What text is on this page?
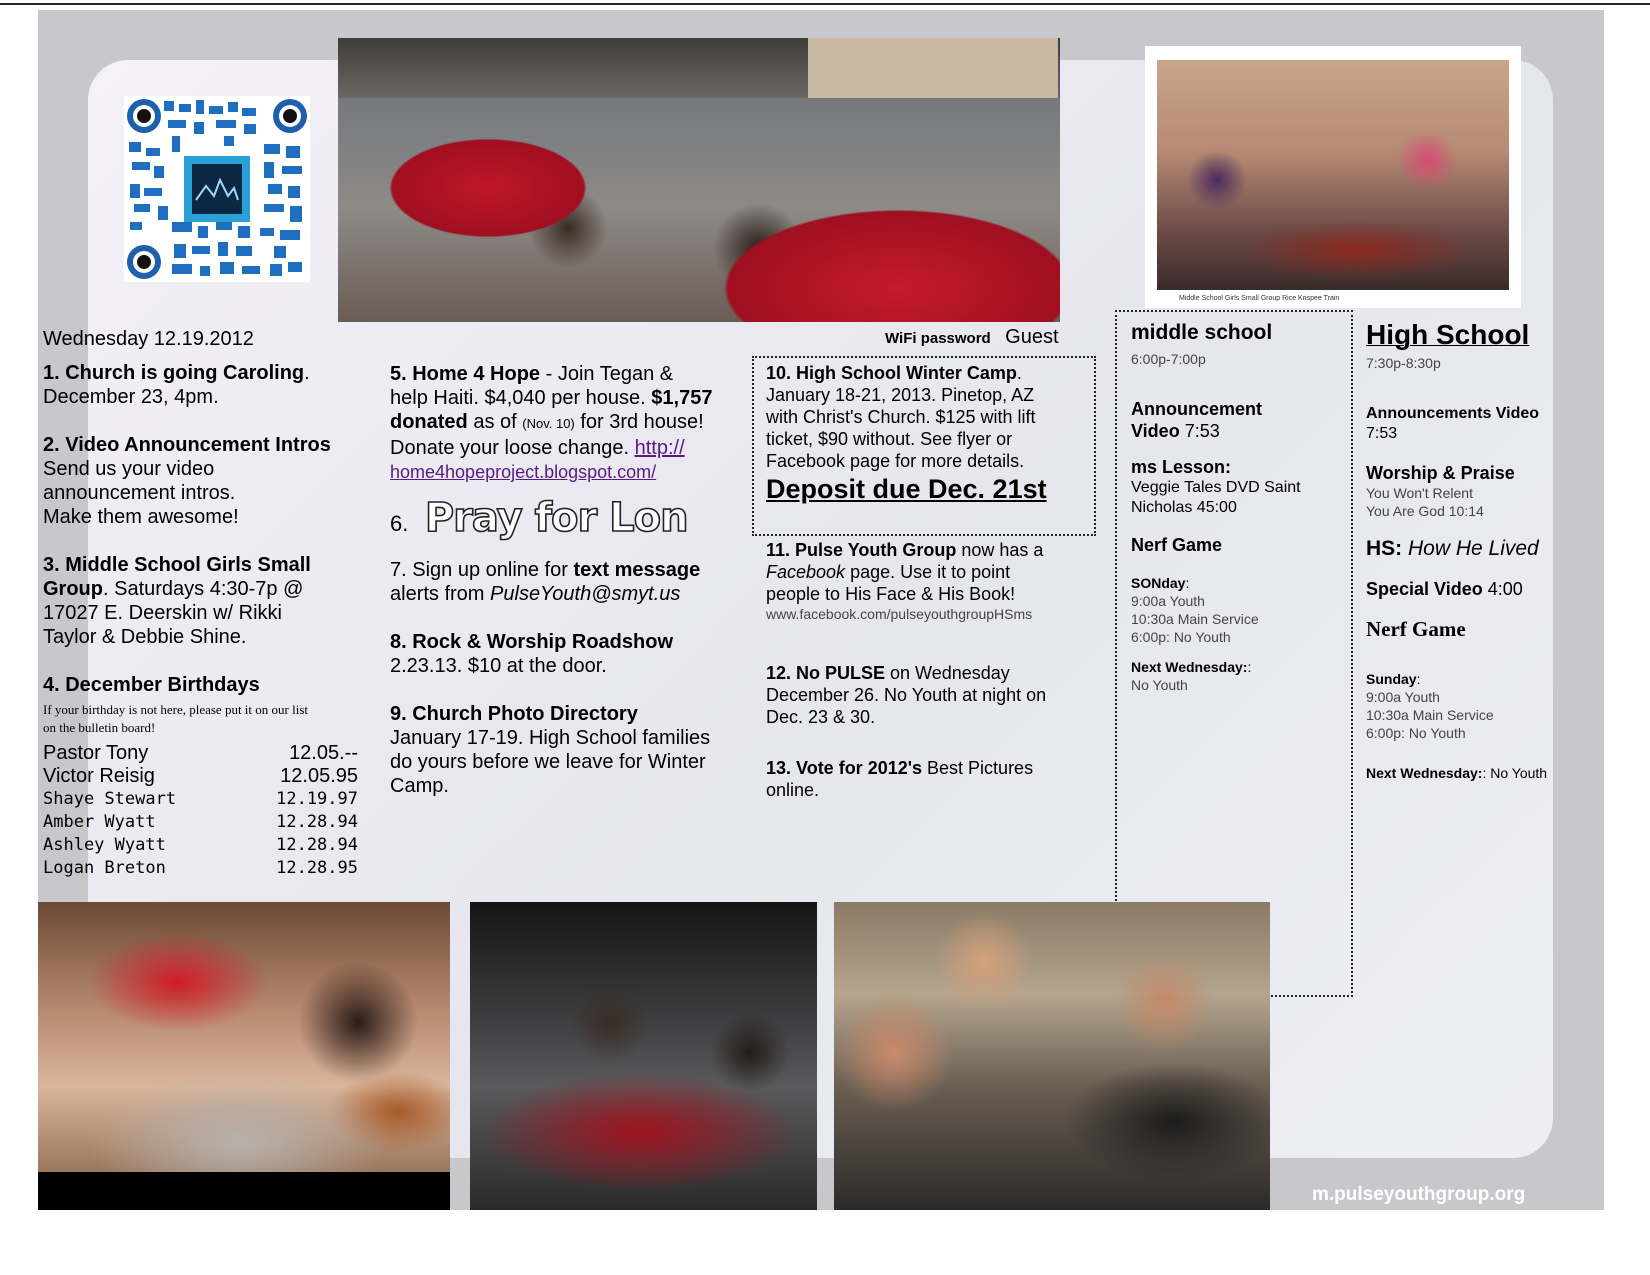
Middle School Girls Small Group Rice Krispee Train
Wednesday 12.19.2012
1. Church is going Caroling.
December 23, 4pm.
2. Video Announcement Intros
Send us your video
announcement intros.
Make them awesome!
3. Middle School Girls Small
Group. Saturdays 4:30-7p @
17027 E. Deerskin w/ Rikki
Taylor & Debbie Shine.
4. December Birthdays
If your birthday is not here, please put it on our list
on the bulletin board!
Pastor Tony	12.05.--
Victor Reisig	12.05.95
Shaye Stewart	12.19.97
Amber Wyatt	12.28.94
Ashley Wyatt	12.28.94
Logan Breton	12.28.95
5. Home 4 Hope - Join Tegan &
help Haiti. $4,040 per house. $1,757
donated as of (Nov. 10) for 3rd house!
Donate your loose change. http://
home4hopeproject.blogspot.com/
6. Pray for Lon
7. Sign up online for text message
alerts from PulseYouth@smyt.us
8. Rock & Worship Roadshow
2.23.13. $10 at the door.
9. Church Photo Directory
January 17-19. High School families
do yours before we leave for Winter
Camp.
WiFi password Guest
10. High School Winter Camp.
January 18-21, 2013. Pinetop, AZ
with Christ's Church. $125 with lift
ticket, $90 without. See flyer or
Facebook page for more details.
Deposit due Dec. 21st
11. Pulse Youth Group now has a
Facebook page. Use it to point
people to His Face & His Book!
www.facebook.com/pulseyouthgroupHSms
12. No PULSE on Wednesday
December 26. No Youth at night on
Dec. 23 & 30.
13. Vote for 2012's Best Pictures
online.
middle school
6:00p-7:00p
Announcement
Video 7:53
ms Lesson:
Veggie Tales DVD Saint
Nicholas 45:00
Nerf Game
SONday:
9:00a Youth
10:30a Main Service
6:00p: No Youth
Next Wednesday::
No Youth
High School
7:30p-8:30p
Announcements Video
7:53
Worship & Praise
You Won't Relent
You Are God 10:14
HS: How He Lived
Special Video 4:00
Nerf Game
Sunday:
9:00a Youth
10:30a Main Service
6:00p: No Youth
Next Wednesday:: No Youth
m.pulseyouthgroup.org
